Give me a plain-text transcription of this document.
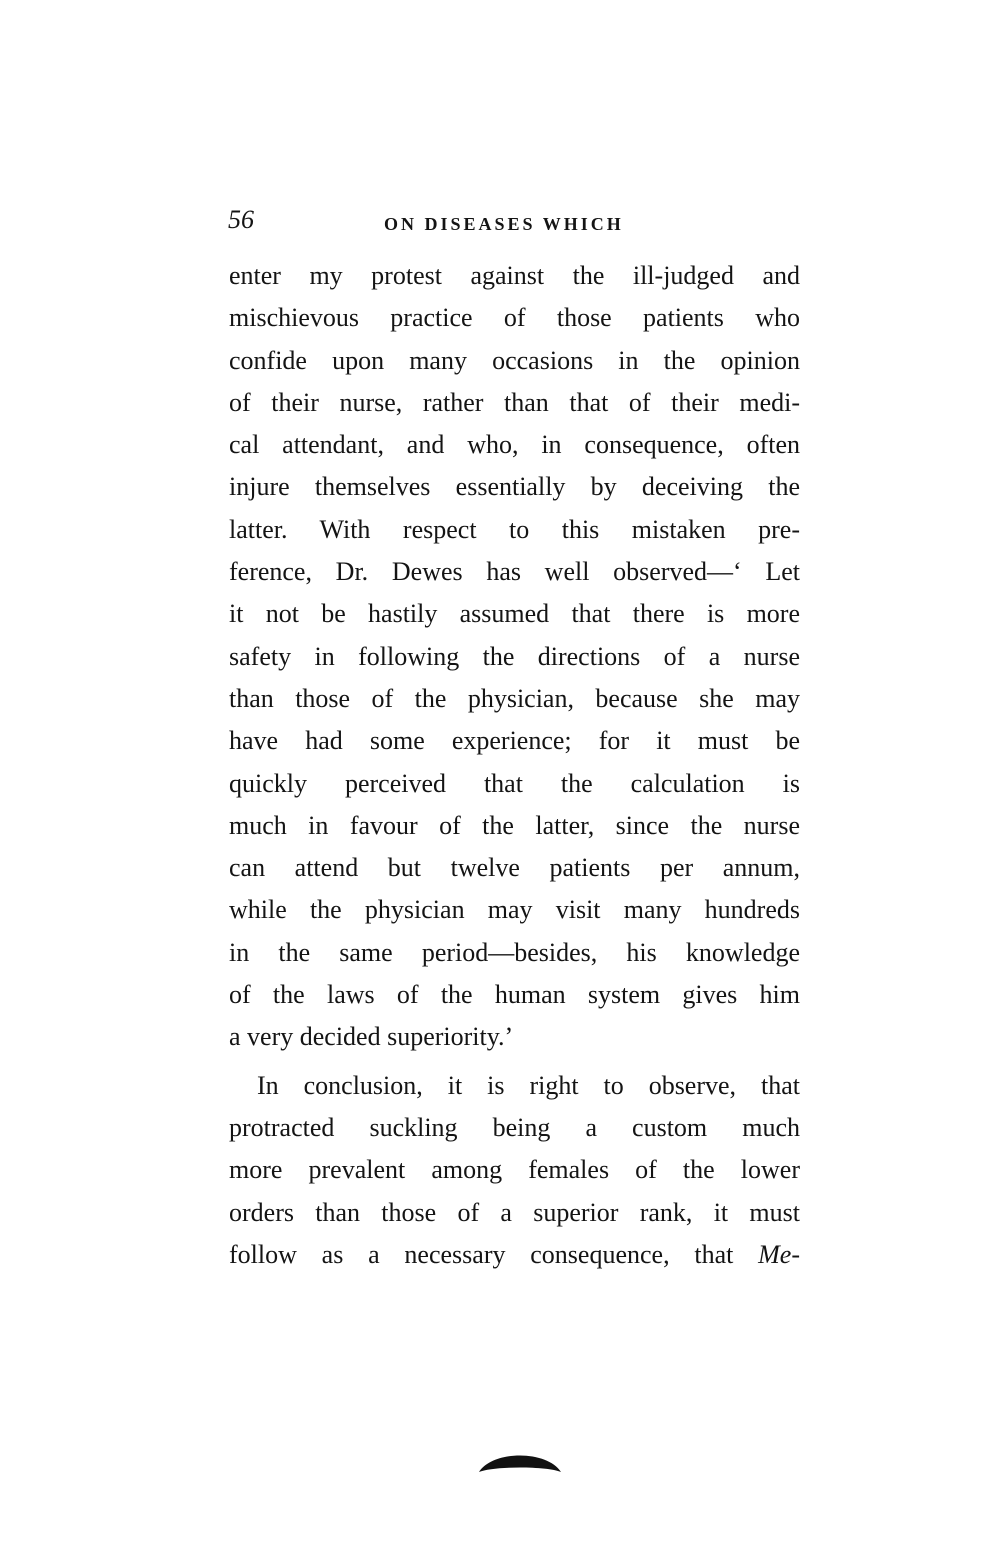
56	ON DISEASES WHICH
enter my protest against the ill-judged and
mischievous practice of those patients who
confide upon many occasions in the opinion
of their nurse, rather than that of their medi-
cal attendant, and who, in consequence, often
injure themselves essentially by deceiving the
latter. With respect to this mistaken pre-
ference, Dr. Dewes has well observed—‘ Let
it not be hastily assumed that there is more
safety in following the directions of a nurse
than those of the physician, because she may
have had some experience; for it must be
quickly perceived that the calculation is
much in favour of the latter, since the nurse
can attend but twelve patients per annum,
while the physician may visit many hundreds
in the same period—besides, his knowledge
of the laws of the human system gives him
a very decided superiority.’
In conclusion, it is right to observe, that
protracted suckling being a custom much
more prevalent among females of the lower
orders than those of a superior rank, it must
follow as a necessary consequence, that Me-
